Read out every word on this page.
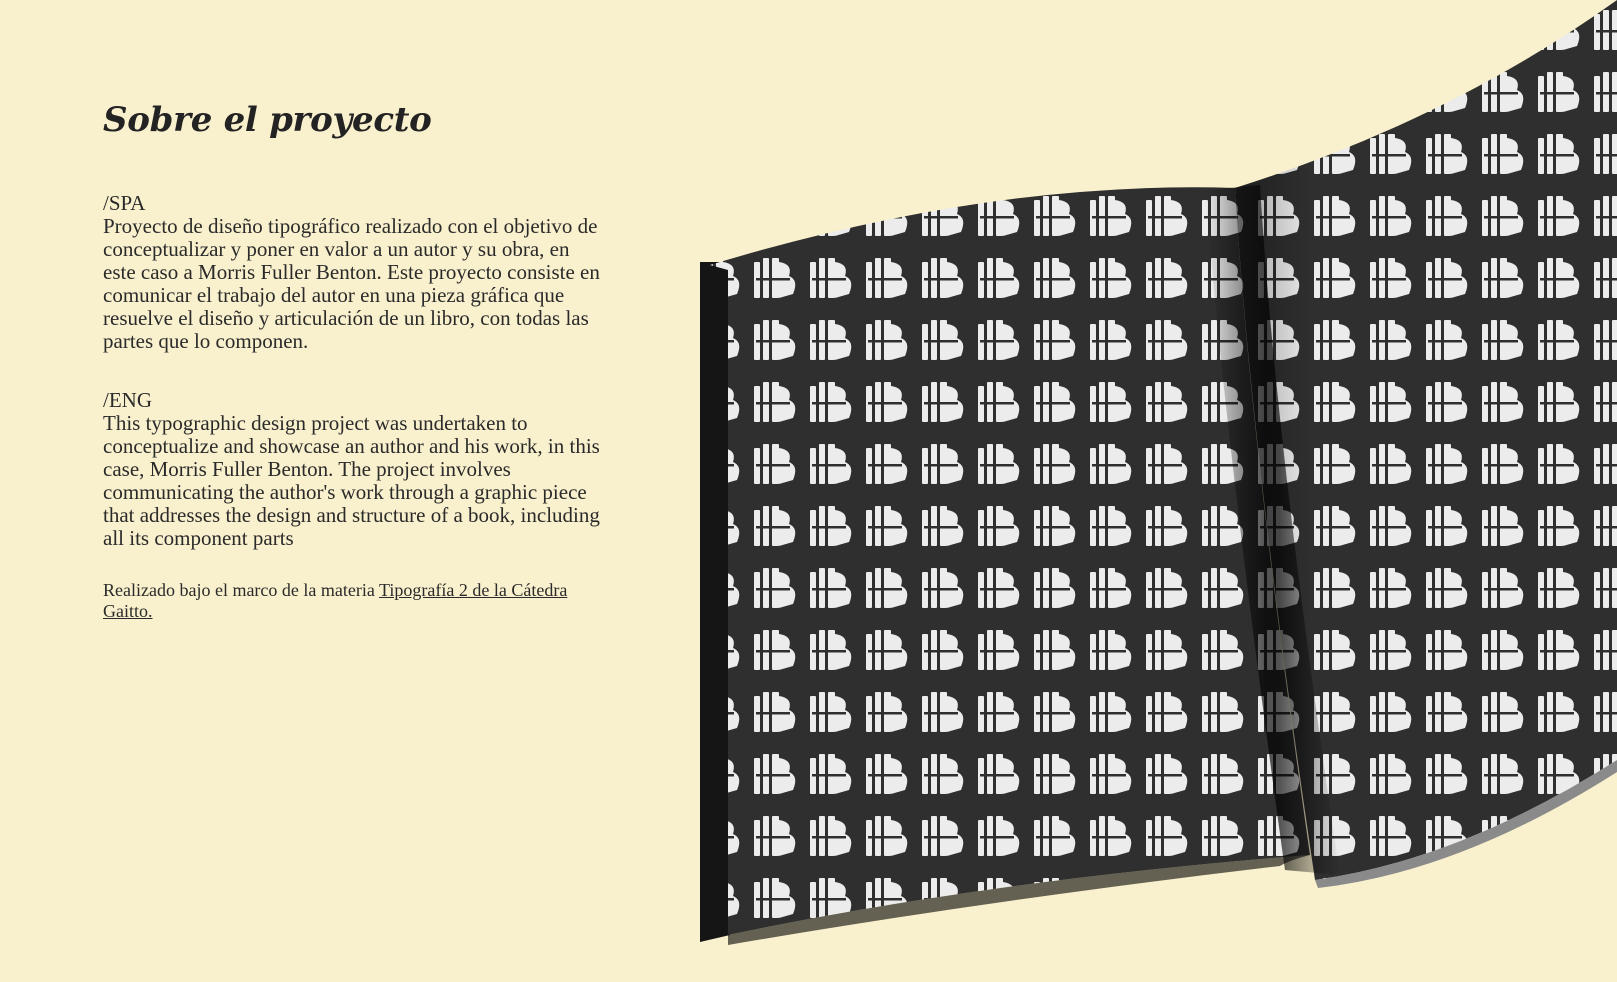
Sobre el proyecto
/SPA

Proyecto de diseño tipográfico realizado con el objetivo de conceptualizar y poner en valor a un autor y su obra, en este caso a Morris Fuller Benton. Este proyecto consiste en comunicar el trabajo del autor en una pieza gráfica que resuelve el diseño y articulación de un libro, con todas las partes que lo componen.

/ENG

This typographic design project was undertaken to conceptualize and showcase an author and his work, in this case, Morris Fuller Benton. The project involves communicating the author's work through a graphic piece that addresses the design and structure of a book, including all its component parts

Realizado bajo el marco de la materia Tipografía 2 de la Cátedra Gaitto.
